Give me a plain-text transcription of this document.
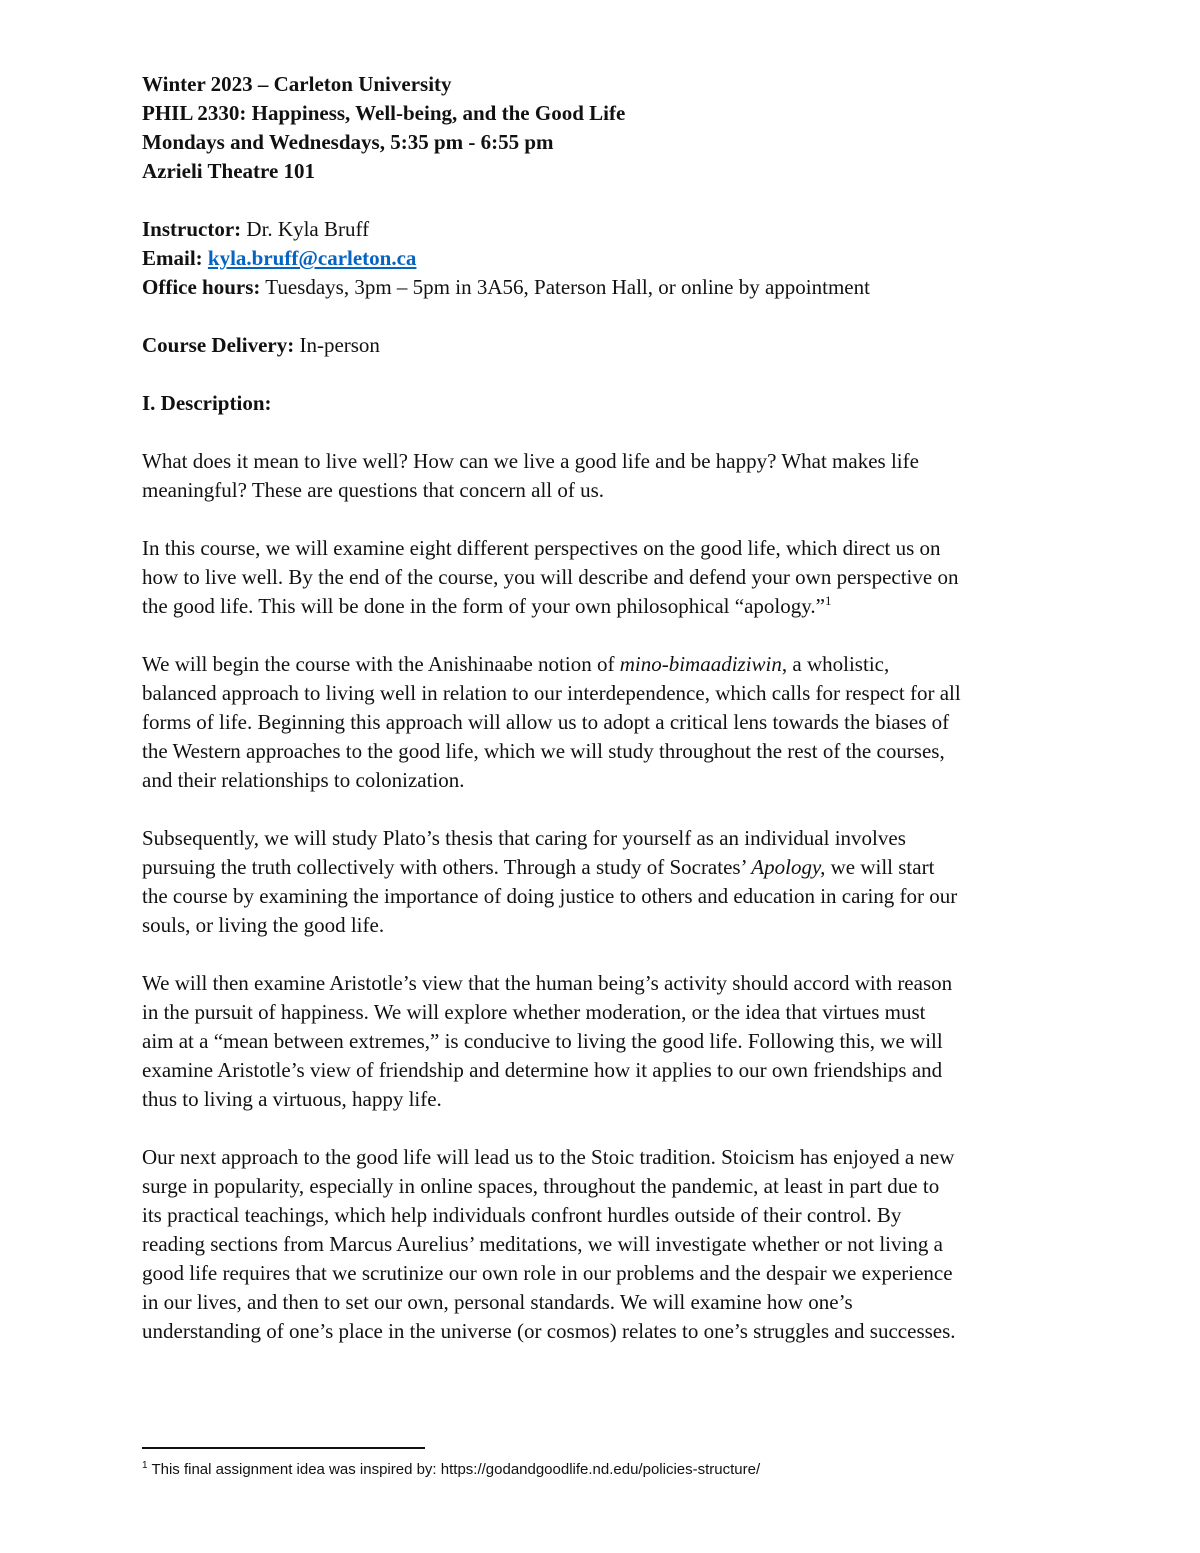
Winter 2023 – Carleton University
PHIL 2330: Happiness, Well-being, and the Good Life
Mondays and Wednesdays, 5:35 pm - 6:55 pm
Azrieli Theatre 101
Instructor: Dr. Kyla Bruff
Email: kyla.bruff@carleton.ca
Office hours: Tuesdays, 3pm – 5pm in 3A56, Paterson Hall, or online by appointment
Course Delivery: In-person
I. Description:

What does it mean to live well? How can we live a good life and be happy? What makes life
meaningful? These are questions that concern all of us.

In this course, we will examine eight different perspectives on the good life, which direct us on
how to live well. By the end of the course, you will describe and defend your own perspective on
the good life. This will be done in the form of your own philosophical “apology.”$^1$

We will begin the course with the Anishinaabe notion of mino-bimaadiziwin, a wholistic,
balanced approach to living well in relation to our interdependence, which calls for respect for all
forms of life. Beginning this approach will allow us to adopt a critical lens towards the biases of
the Western approaches to the good life, which we will study throughout the rest of the courses,
and their relationships to colonization.

Subsequently, we will study Plato’s thesis that caring for yourself as an individual involves
pursuing the truth collectively with others. Through a study of Socrates’ Apology, we will start
the course by examining the importance of doing justice to others and education in caring for our
souls, or living the good life.

We will then examine Aristotle’s view that the human being’s activity should accord with reason
in the pursuit of happiness. We will explore whether moderation, or the idea that virtues must
aim at a “mean between extremes,” is conducive to living the good life. Following this, we will
examine Aristotle’s view of friendship and determine how it applies to our own friendships and
thus to living a virtuous, happy life.

Our next approach to the good life will lead us to the Stoic tradition. Stoicism has enjoyed a new
surge in popularity, especially in online spaces, throughout the pandemic, at least in part due to
its practical teachings, which help individuals confront hurdles outside of their control. By
reading sections from Marcus Aurelius’ meditations, we will investigate whether or not living a
good life requires that we scrutinize our own role in our problems and the despair we experience
in our lives, and then to set our own, personal standards. We will examine how one’s
understanding of one’s place in the universe (or cosmos) relates to one’s struggles and successes.

$^1$ This final assignment idea was inspired by: https://godandgoodlife.nd.edu/policies-structure/
